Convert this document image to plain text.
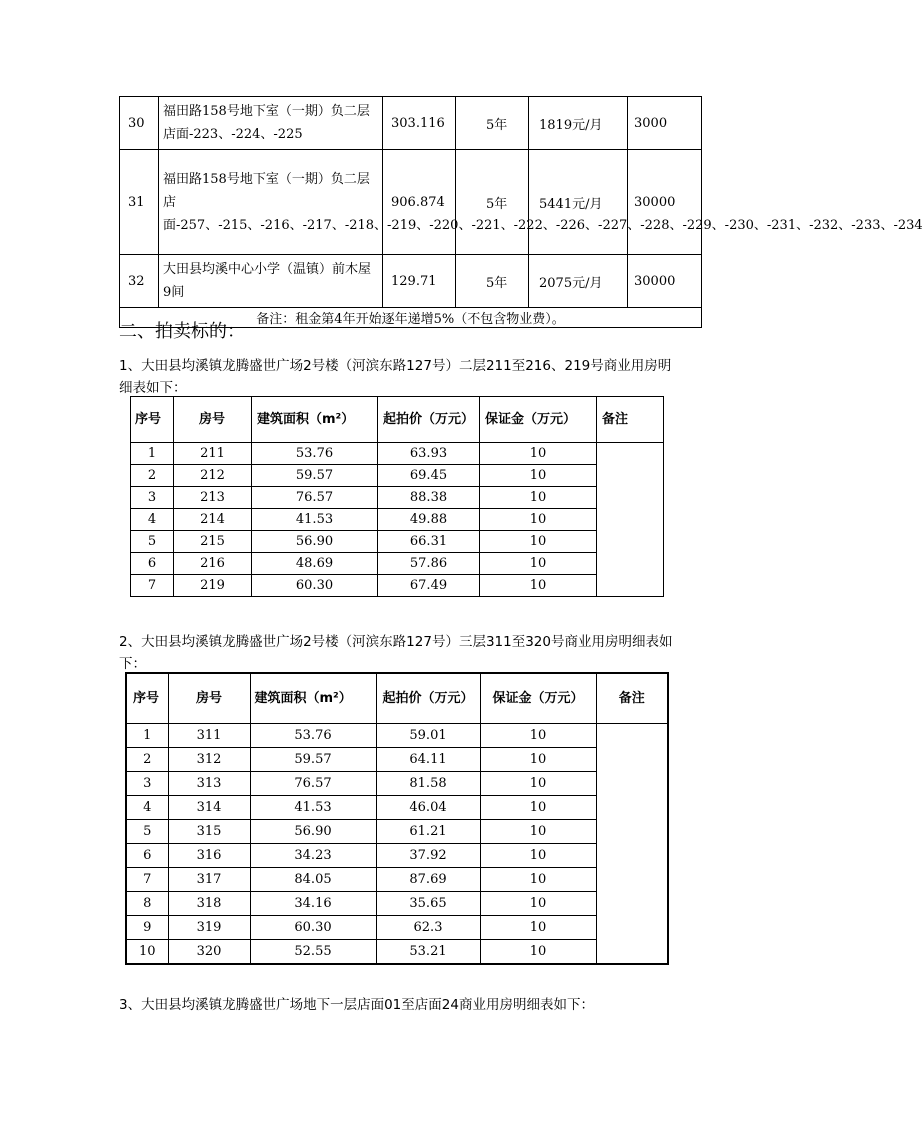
30	福田路158号地下室（一期）负二层店面-223、-224、-225	303.116	5年	1819元/月	3000
31	福田路158号地下室（一期）负二层店面-257、-215、-216、-217、-218、-219、-220、-221、-222、-226、-227、-228、-229、-230、-231、-232、-233、-234	906.874	5年	5441元/月	30000
32	大田县均溪中心小学（温镇）前木屋9间	129.71	5年	2075元/月	30000
备注：租金第4年开始逐年递增5%（不包含物业费）。					
二、拍卖标的：
1、大田县均溪镇龙腾盛世广场2号楼（河滨东路127号）二层211至216、219号商业用房明细表如下：
序号	房号	建筑面积（m²）	起拍价（万元）	保证金（万元）	备注
1	211	53.76	63.93	10	
2	212	59.57	69.45	10	
3	213	76.57	88.38	10	
4	214	41.53	49.88	10	
5	215	56.90	66.31	10	
6	216	48.69	57.86	10	
7	219	60.30	67.49	10	
2、大田县均溪镇龙腾盛世广场2号楼（河滨东路127号）三层311至320号商业用房明细表如下：
序号	房号	建筑面积（m²）	起拍价（万元）	保证金（万元）	备注
1	311	53.76	59.01	10	
2	312	59.57	64.11	10	
3	313	76.57	81.58	10	
4	314	41.53	46.04	10	
5	315	56.90	61.21	10	
6	316	34.23	37.92	10	
7	317	84.05	87.69	10	
8	318	34.16	35.65	10	
9	319	60.30	62.3	10	
10	320	52.55	53.21	10	
3、大田县均溪镇龙腾盛世广场地下一层店面01至店面24商业用房明细表如下：
